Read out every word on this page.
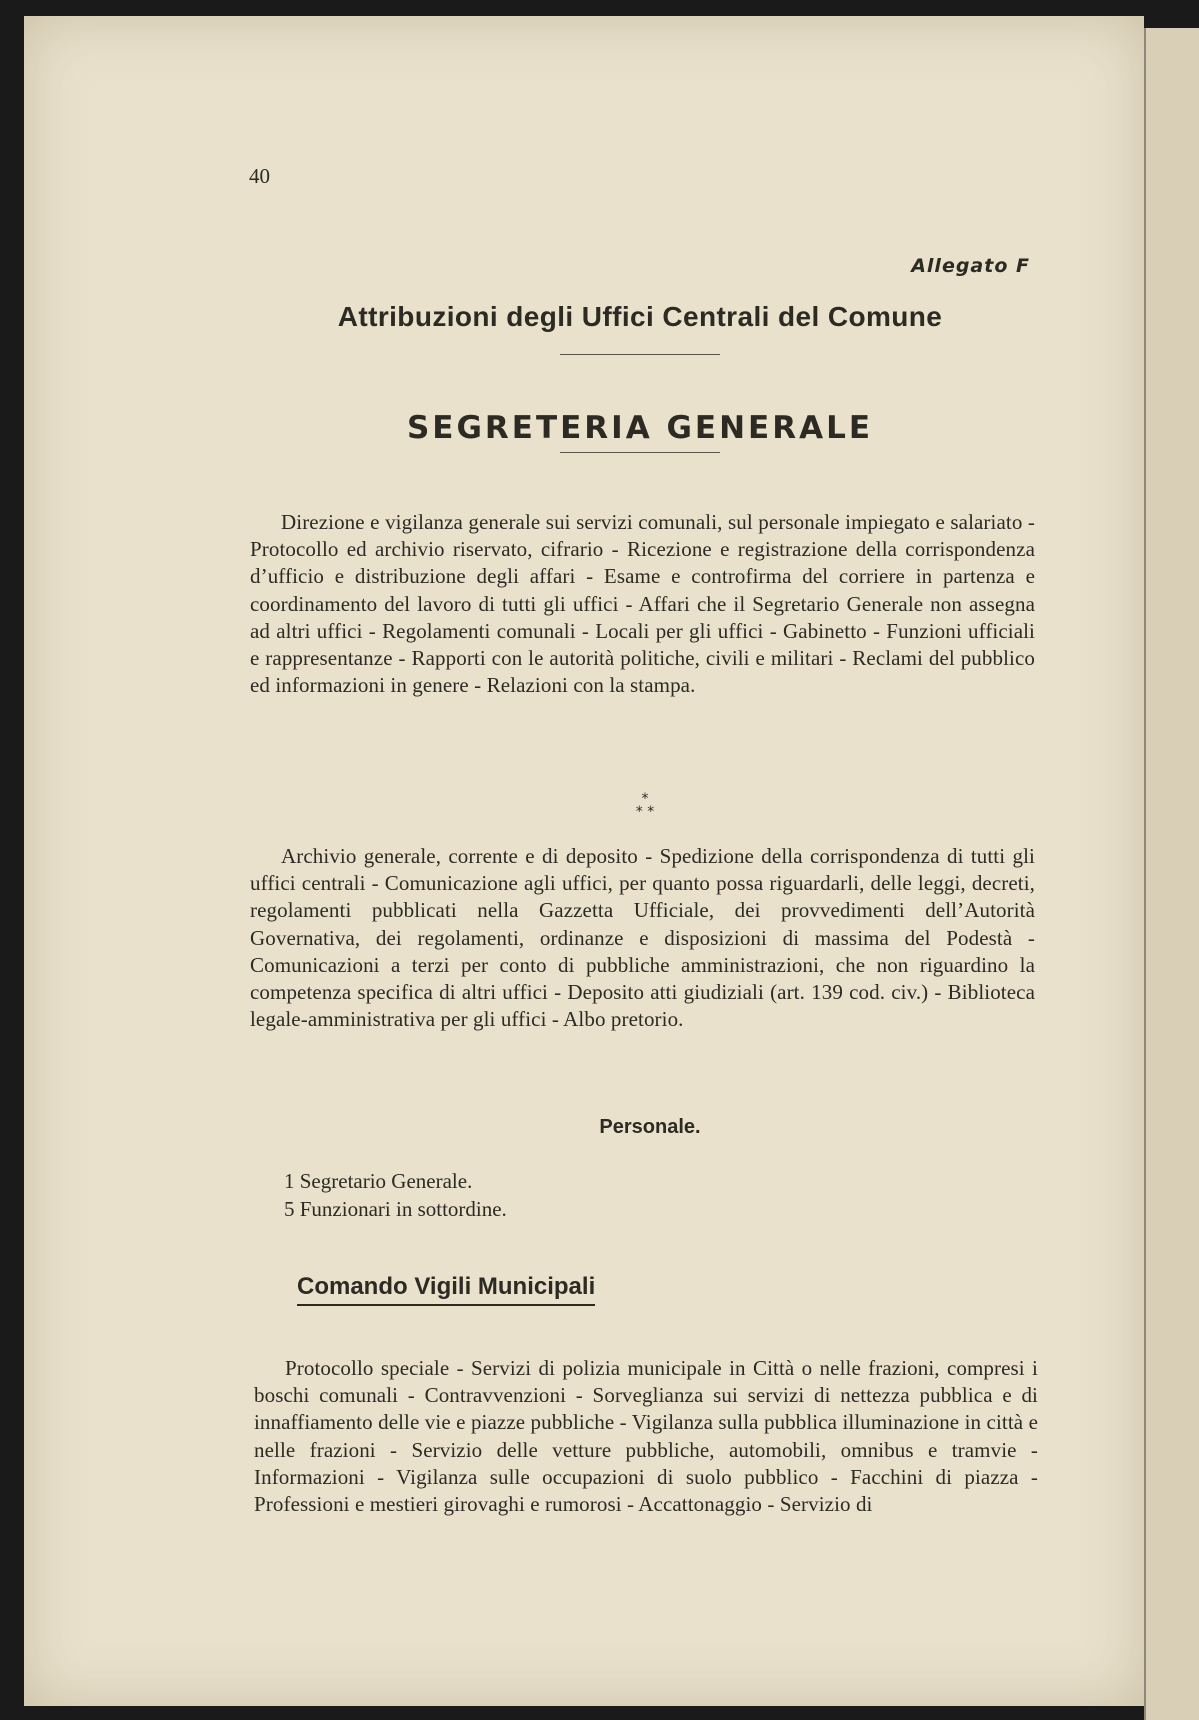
40
Allegato F
Attribuzioni degli Uffici Centrali del Comune
SEGRETERIA GENERALE
Direzione e vigilanza generale sui servizi comunali, sul personale impiegato e salariato - Protocollo ed archivio riservato, cifrario - Ricezione e registrazione della corrispondenza d’ufficio e distribuzione degli affari - Esame e controfirma del corriere in partenza e coordinamento del lavoro di tutti gli uffici - Affari che il Segretario Generale non assegna ad altri uffici - Regolamenti comunali - Locali per gli uffici - Gabinetto - Funzioni ufficiali e rappresentanze - Rapporti con le autorità politiche, civili e militari - Reclami del pubblico ed informazioni in genere - Relazioni con la stampa.
*
* *
Archivio generale, corrente e di deposito - Spedizione della corrispondenza di tutti gli uffici centrali - Comunicazione agli uffici, per quanto possa riguardarli, delle leggi, decreti, regolamenti pubblicati nella Gazzetta Ufficiale, dei provvedimenti dell’Autorità Governativa, dei regolamenti, ordinanze e disposizioni di massima del Podestà - Comunicazioni a terzi per conto di pubbliche amministrazioni, che non riguardino la competenza specifica di altri uffici - Deposito atti giudiziali (art. 139 cod. civ.) - Biblioteca legale-amministrativa per gli uffici - Albo pretorio.
Personale.
1 Segretario Generale.
5 Funzionari in sottordine.
Comando Vigili Municipali
Protocollo speciale - Servizi di polizia municipale in Città o nelle frazioni, compresi i boschi comunali - Contravvenzioni - Sorveglianza sui servizi di nettezza pubblica e di innaffiamento delle vie e piazze pubbliche - Vigilanza sulla pubblica illuminazione in città e nelle frazioni - Servizio delle vetture pubbliche, automobili, omnibus e tramvie - Informazioni - Vigilanza sulle occupazioni di suolo pubblico - Facchini di piazza - Professioni e mestieri girovaghi e rumorosi - Accattonaggio - Servizio di
